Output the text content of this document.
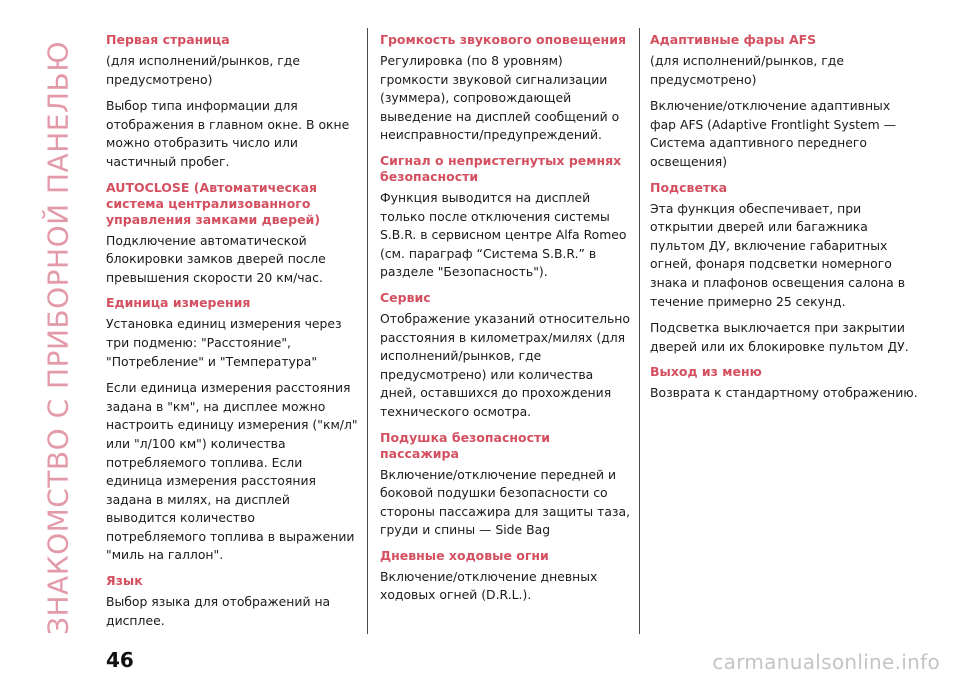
ЗНАКОМСТВО С ПРИБОРНОЙ ПАНЕЛЬЮ
Первая страница

(для исполнений/рынков, где предусмотрено)

Выбор типа информации для отображения в главном окне. В окне можно отобразить число или частичный пробег.

AUTOCLOSE (Автоматическая система централизованного управления замками дверей)

Подключение автоматической блокировки замков дверей после превышения скорости 20 км/час.

Единица измерения

Установка единиц измерения через три подменю: "Расстояние", "Потребление" и "Температура"

Если единица измерения расстояния задана в "км", на дисплее можно настроить единицу измерения ("км/л" или "л/100 км") количества потребляемого топлива. Если единица измерения расстояния задана в милях, на дисплей выводится количество потребляемого топлива в выражении "миль на галлон".

Язык

Выбор языка для отображений на дисплее.

Громкость звукового оповещения

Регулировка (по 8 уровням) громкости звуковой сигнализации (зуммера), сопровождающей выведение на дисплей сообщений о неисправности/предупреждений.

Сигнал о непристегнутых ремнях безопасности

Функция выводится на дисплей только после отключения системы S.B.R. в сервисном центре Alfa Romeo (см. параграф “Система S.B.R.” в разделе "Безопасность").

Сервис

Отображение указаний относительно расстояния в километрах/милях (для исполнений/рынков, где предусмотрено) или количества дней, оставшихся до прохождения технического осмотра.

Подушка безопасности пассажира

Включение/отключение передней и боковой подушки безопасности со стороны пассажира для защиты таза, груди и спины — Side Bag

Дневные ходовые огни

Включение/отключение дневных ходовых огней (D.R.L.).

Адаптивные фары AFS

(для исполнений/рынков, где предусмотрено)

Включение/отключение адаптивных фар AFS (Adaptive Frontlight System — Система адаптивного переднего освещения)

Подсветка

Эта функция обеспечивает, при открытии дверей или багажника пультом ДУ, включение габаритных огней, фонаря подсветки номерного знака и плафонов освещения салона в течение примерно 25 секунд.

Подсветка выключается при закрытии дверей или их блокировке пультом ДУ.

Выход из меню

Возврата к стандартному отображению.

46	carmanualsonline.info
